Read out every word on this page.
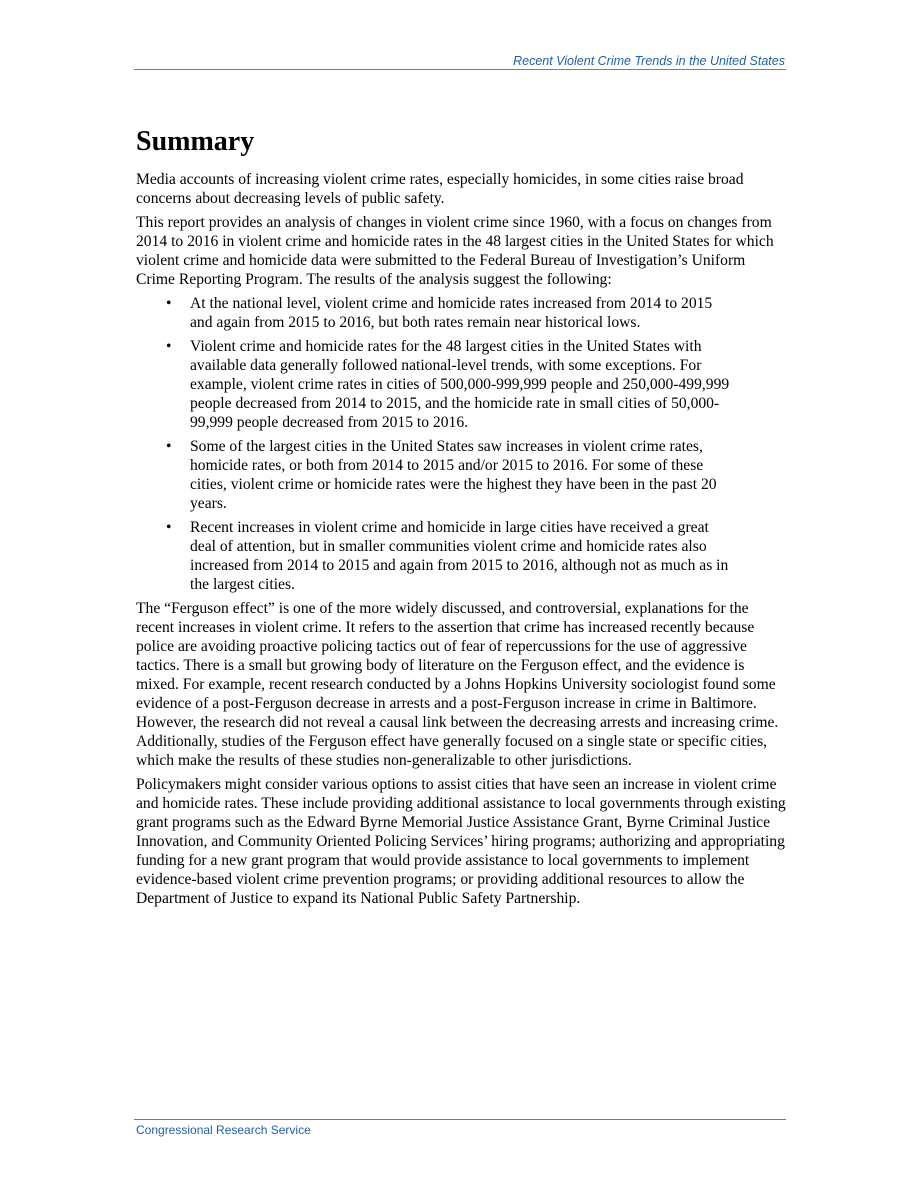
Recent Violent Crime Trends in the United States
Summary

Media accounts of increasing violent crime rates, especially homicides, in some cities raise broad concerns about decreasing levels of public safety.

This report provides an analysis of changes in violent crime since 1960, with a focus on changes from 2014 to 2016 in violent crime and homicide rates in the 48 largest cities in the United States for which violent crime and homicide data were submitted to the Federal Bureau of Investigation’s Uniform Crime Reporting Program. The results of the analysis suggest the following:

• At the national level, violent crime and homicide rates increased from 2014 to 2015 and again from 2015 to 2016, but both rates remain near historical lows.
• Violent crime and homicide rates for the 48 largest cities in the United States with available data generally followed national-level trends, with some exceptions. For example, violent crime rates in cities of 500,000-999,999 people and 250,000-499,999 people decreased from 2014 to 2015, and the homicide rate in small cities of 50,000-99,999 people decreased from 2015 to 2016.
• Some of the largest cities in the United States saw increases in violent crime rates, homicide rates, or both from 2014 to 2015 and/or 2015 to 2016. For some of these cities, violent crime or homicide rates were the highest they have been in the past 20 years.
• Recent increases in violent crime and homicide in large cities have received a great deal of attention, but in smaller communities violent crime and homicide rates also increased from 2014 to 2015 and again from 2015 to 2016, although not as much as in the largest cities.

The “Ferguson effect” is one of the more widely discussed, and controversial, explanations for the recent increases in violent crime. It refers to the assertion that crime has increased recently because police are avoiding proactive policing tactics out of fear of repercussions for the use of aggressive tactics. There is a small but growing body of literature on the Ferguson effect, and the evidence is mixed. For example, recent research conducted by a Johns Hopkins University sociologist found some evidence of a post-Ferguson decrease in arrests and a post-Ferguson increase in crime in Baltimore. However, the research did not reveal a causal link between the decreasing arrests and increasing crime. Additionally, studies of the Ferguson effect have generally focused on a single state or specific cities, which make the results of these studies non-generalizable to other jurisdictions.

Policymakers might consider various options to assist cities that have seen an increase in violent crime and homicide rates. These include providing additional assistance to local governments through existing grant programs such as the Edward Byrne Memorial Justice Assistance Grant, Byrne Criminal Justice Innovation, and Community Oriented Policing Services’ hiring programs; authorizing and appropriating funding for a new grant program that would provide assistance to local governments to implement evidence-based violent crime prevention programs; or providing additional resources to allow the Department of Justice to expand its National Public Safety Partnership.

Congressional Research Service
